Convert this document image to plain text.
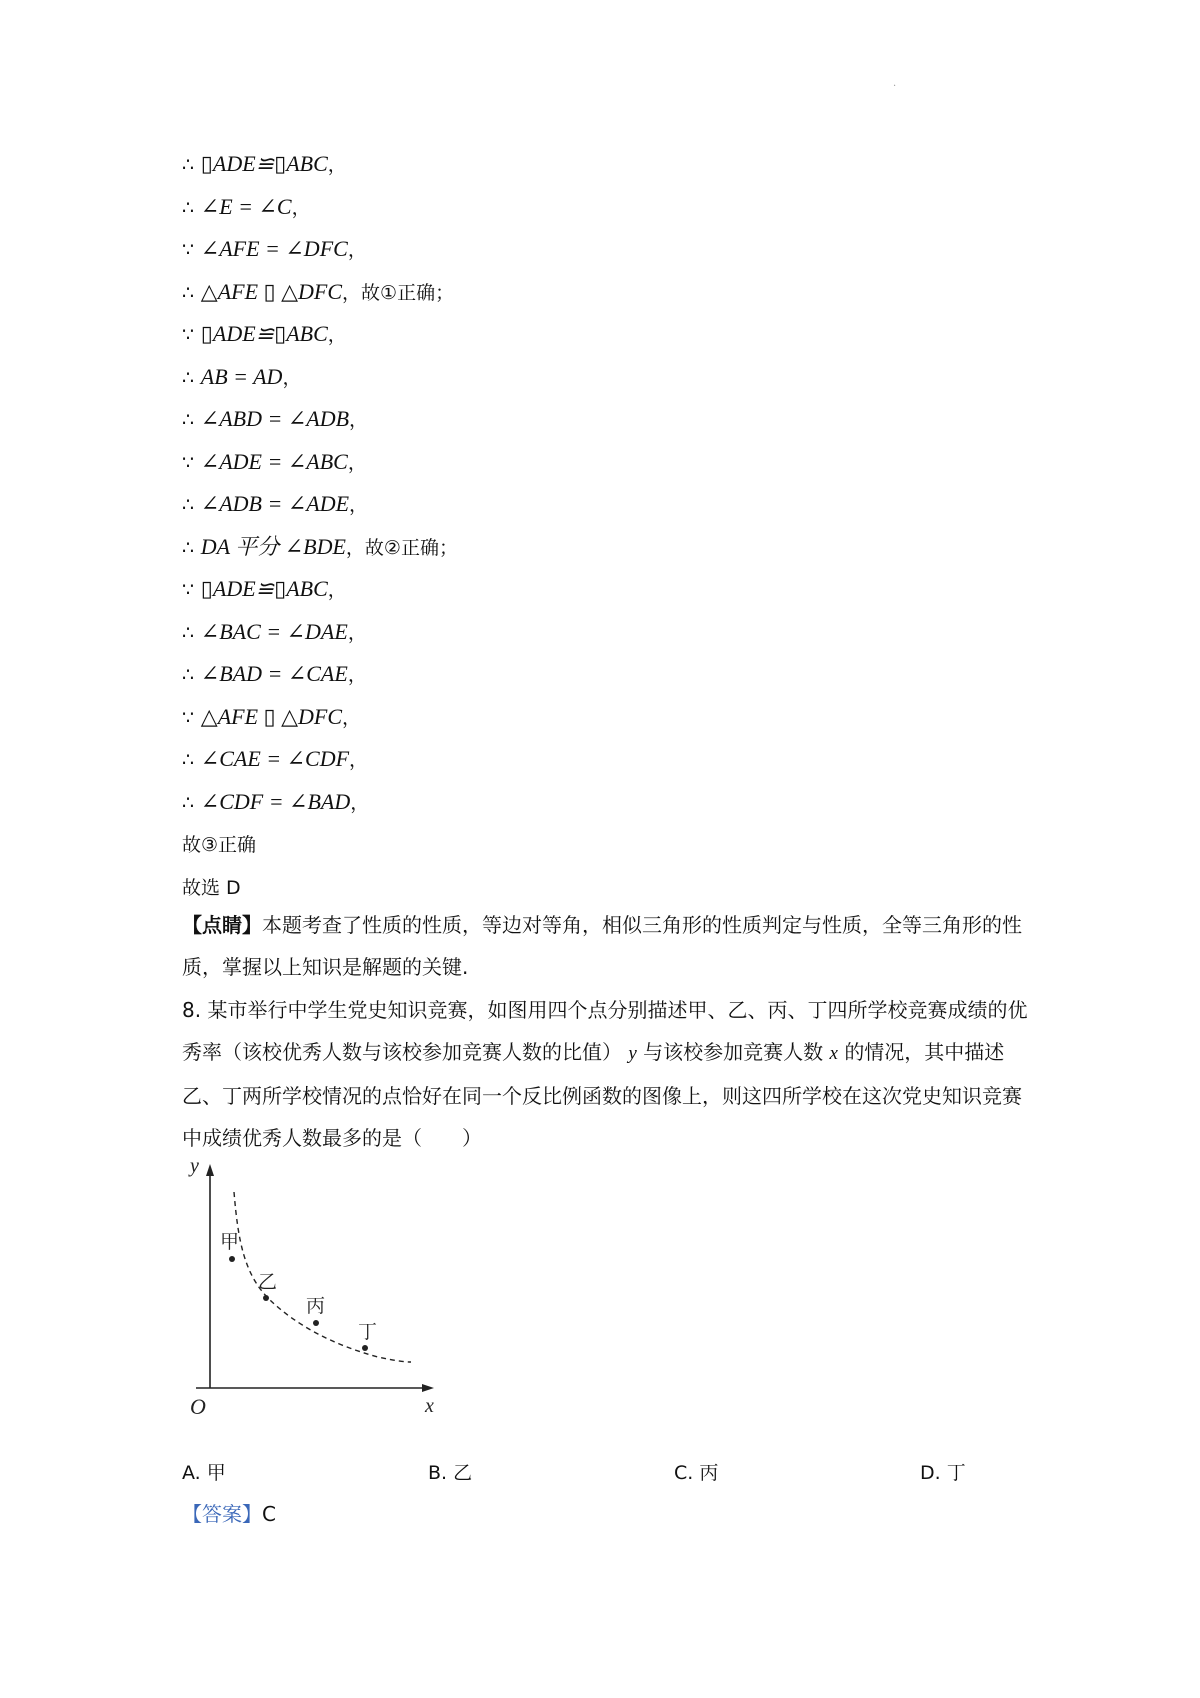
.
∴ ▯ADE≌▯ABC，
∴ ∠E = ∠C，
∵ ∠AFE = ∠DFC，
∴ △AFE ▯ △DFC，故①正确；
∵ ▯ADE≌▯ABC，
∴ AB = AD，
∴ ∠ABD = ∠ADB，
∵ ∠ADE = ∠ABC，
∴ ∠ADB = ∠ADE，
∴ DA 平分 ∠BDE，故②正确；
∵ ▯ADE≌▯ABC，
∴ ∠BAC = ∠DAE，
∴ ∠BAD = ∠CAE，
∵ △AFE ▯ △DFC，
∴ ∠CAE = ∠CDF，
∴ ∠CDF = ∠BAD，
故③正确
故选 D
【点睛】本题考查了性质的性质，等边对等角，相似三角形的性质判定与性质，全等三角形的性质，掌握以上知识是解题的关键.
8. 某市举行中学生党史知识竞赛，如图用四个点分别描述甲、乙、丙、丁四所学校竞赛成绩的优秀率（该校优秀人数与该校参加竞赛人数的比值） y 与该校参加竞赛人数 x 的情况，其中描述乙、丁两所学校情况的点恰好在同一个反比例函数的图像上，则这四所学校在这次党史知识竞赛中成绩优秀人数最多的是（　　）
y
x
O
甲
乙
丙
丁
A. 甲	B. 乙	C. 丙	D. 丁
【答案】C
